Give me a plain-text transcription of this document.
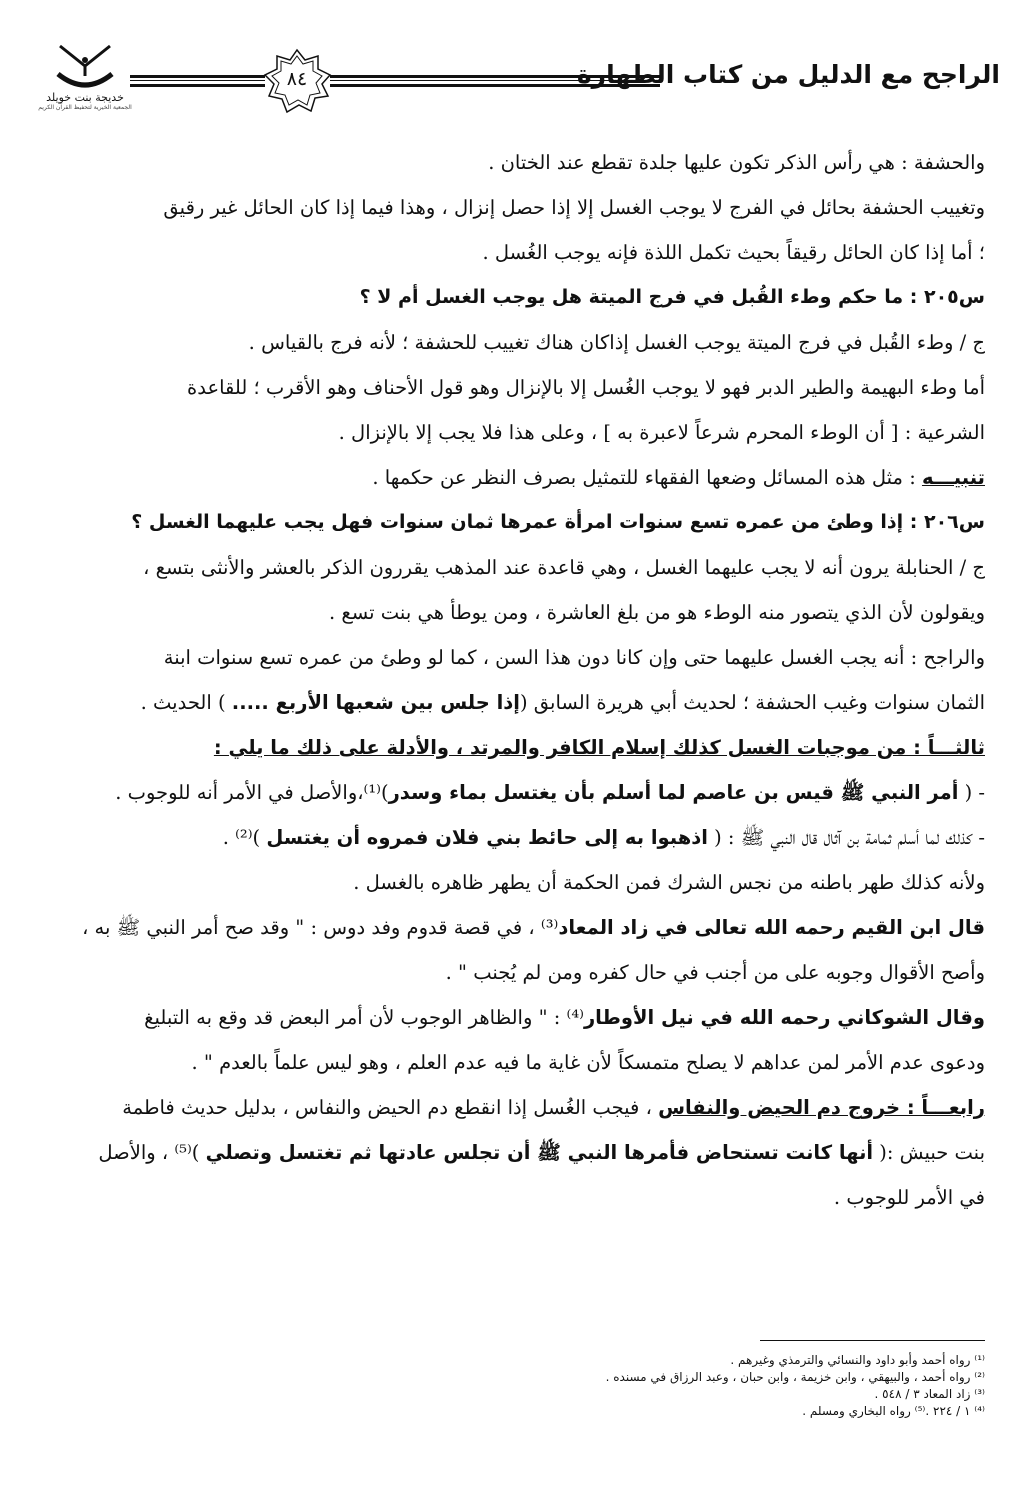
خديجة بنت خويلد
الجمعية الخيرية لتحفيظ القرآن الكريم
٨٤	الراجح مع الدليل من كتاب الطهارة
والحشفة : هي رأس الذكر تكون عليها جلدة تقطع عند الختان .
وتغييب الحشفة بحائل في الفرج لا يوجب الغسل إلا إذا حصل إنزال ، وهذا فيما إذا كان الحائل غير رقيق
؛ أما إذا كان الحائل رقيقاً بحيث تكمل اللذة فإنه يوجب الغُسل .
س٢٠٥ : ما حكم وطء القُبل في فرج الميتة هل يوجب الغسل أم لا ؟
ج / وطء القُبل في فرج الميتة يوجب الغسل إذاكان هناك تغييب للحشفة ؛ لأنه فرج بالقياس .
أما وطء البهيمة والطير الدبر فهو لا يوجب الغُسل إلا بالإنزال وهو قول الأحناف وهو الأقرب ؛ للقاعدة
الشرعية : [ أن الوطء المحرم شرعاً لاعبرة به ] ، وعلى هذا فلا يجب إلا بالإنزال .
تنبيـــه : مثل هذه المسائل وضعها الفقهاء للتمثيل بصرف النظر عن حكمها .
س٢٠٦ : إذا وطئ من عمره تسع سنوات امرأة عمرها ثمان سنوات فهل يجب عليهما الغسل ؟
ج / الحنابلة يرون أنه لا يجب عليهما الغسل ، وهي قاعدة عند المذهب يقررون الذكر بالعشر والأنثى بتسع ،
ويقولون لأن الذي يتصور منه الوطء هو من بلغ العاشرة ، ومن يوطأ هي بنت تسع .
والراجح : أنه يجب الغسل عليهما حتى وإن كانا دون هذا السن ، كما لو وطئ من عمره تسع سنوات ابنة
الثمان سنوات وغيب الحشفة ؛ لحديث أبي هريرة السابق (إذا جلس بين شعبها الأربع ..... ) الحديث .
ثالثـــاً : من موجبات الغسل كذلك إسلام الكافر والمرتد ، والأدلة على ذلك ما يلي :
- ( أمر النبي ﷺ قيس بن عاصم لما أسلم بأن يغتسل بماء وسدر)⁽¹⁾،والأصل في الأمر أنه للوجوب .
- كذلك لما أسلم ثمامة بن آثال قال النبي ﷺ : ( اذهبوا به إلى حائط بني فلان فمروه أن يغتسل )⁽²⁾ .
ولأنه كذلك طهر باطنه من نجس الشرك فمن الحكمة أن يطهر ظاهره بالغسل .
قال ابن القيم رحمه الله تعالى في زاد المعاد⁽³⁾ ، في قصة قدوم وفد دوس : " وقد صح أمر النبي ﷺ به ،
وأصح الأقوال وجوبه على من أجنب في حال كفره ومن لم يُجنب " .
وقال الشوكاني رحمه الله في نيل الأوطار⁽⁴⁾ : " والظاهر الوجوب لأن أمر البعض قد وقع به التبليغ
ودعوى عدم الأمر لمن عداهم لا يصلح متمسكاً لأن غاية ما فيه عدم العلم ، وهو ليس علماً بالعدم " .
رابعـــاً : خروج دم الحيض والنفاس ، فيجب الغُسل إذا انقطع دم الحيض والنفاس ، بدليل حديث فاطمة
بنت حبيش :( أنها كانت تستحاض فأمرها النبي ﷺ أن تجلس عادتها ثم تغتسل وتصلي )⁽⁵⁾ ، والأصل
في الأمر للوجوب .
⁽¹⁾ رواه أحمد وأبو داود والنسائي والترمذي وغيرهم .
⁽²⁾ رواه أحمد ، والبيهقي ، وابن خزيمة ، وابن حبان ، وعبد الرزاق في مسنده .
⁽³⁾ زاد المعاد ٣ / ٥٤٨ .
⁽⁴⁾ ١ / ٢٢٤ .⁽⁵⁾ رواه البخاري ومسلم .
